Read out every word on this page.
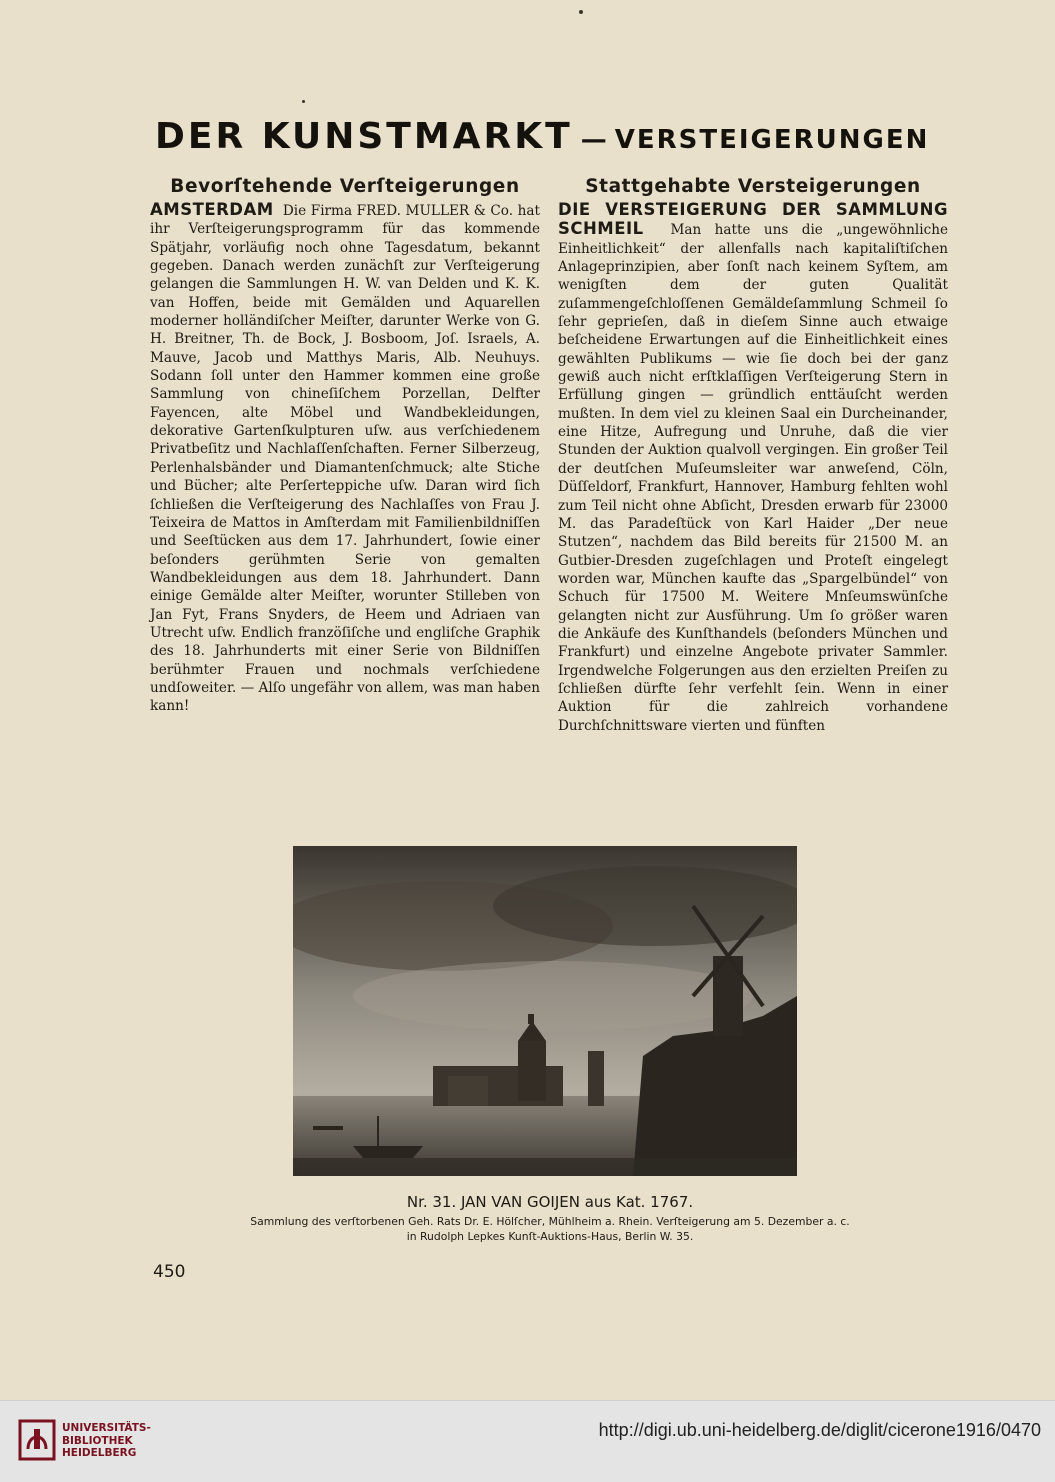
DER KUNSTMARKT — VERSTEIGERUNGEN
Bevorſtehende Verſteigerungen

AMSTERDAM Die Firma FRED. MULLER & Co. hat ihr Verſteigerungsprogramm für das kommende Spätjahr, vorläufig noch ohne Tagesdatum, bekannt gegeben. Danach werden zunächſt zur Verſteigerung gelangen die Sammlungen H. W. van Delden und K. K. van Hoffen, beide mit Gemälden und Aquarellen moderner holländiſcher Meiſter, darunter Werke von G. H. Breitner, Th. de Bock, J. Bosboom, Joſ. Israels, A. Mauve, Jacob und Matthys Maris, Alb. Neuhuys. Sodann ſoll unter den Hammer kommen eine große Sammlung von chineſiſchem Porzellan, Delfter Fayencen, alte Möbel und Wandbekleidungen, dekorative Gartenſkulpturen uſw. aus verſchiedenem Privatbeſitz und Nachlaſſenſchaften. Ferner Silberzeug, Perlenhalsbänder und Diamantenſchmuck; alte Stiche und Bücher; alte Perſerteppiche uſw. Daran wird ſich ſchließen die Verſteigerung des Nachlaſſes von Frau J. Teixeira de Mattos in Amſterdam mit Familienbildniſſen und Seeſtücken aus dem 17. Jahrhundert, ſowie einer beſonders gerühmten Serie von gemalten Wandbekleidungen aus dem 18. Jahrhundert. Dann einige Gemälde alter Meiſter, worunter Stilleben von Jan Fyt, Frans Snyders, de Heem und Adriaen van Utrecht uſw. Endlich franzöſiſche und engliſche Graphik des 18. Jahrhunderts mit einer Serie von Bildniſſen berühmter Frauen und nochmals verſchiedene undſoweiter. — Alſo ungefähr von allem, was man haben kann!

Stattgehabte Versteigerungen

DIE VERSTEIGERUNG DER SAMMLUNG SCHMEIL Man hatte uns die „ungewöhnliche Einheitlichkeit“ der allenfalls nach kapitaliſtiſchen Anlageprinzipien, aber ſonſt nach keinem Syſtem, am wenigſten dem der guten Qualität zuſammengeſchloſſenen Gemäldeſammlung Schmeil ſo ſehr geprieſen, daß in dieſem Sinne auch etwaige beſcheidene Erwartungen auf die Einheitlichkeit eines gewählten Publikums — wie ſie doch bei der ganz gewiß auch nicht erſtklaſſigen Verſteigerung Stern in Erfüllung gingen — gründlich enttäuſcht werden mußten. In dem viel zu kleinen Saal ein Durcheinander, eine Hitze, Aufregung und Unruhe, daß die vier Stunden der Auktion qualvoll vergingen. Ein großer Teil der deutſchen Muſeumsleiter war anweſend, Cöln, Düſſeldorf, Frankfurt, Hannover, Hamburg fehlten wohl zum Teil nicht ohne Abſicht, Dresden erwarb für 23000 M. das Paradeſtück von Karl Haider „Der neue Stutzen“, nachdem das Bild bereits für 21500 M. an Gutbier-Dresden zugeſchlagen und Proteſt eingelegt worden war, München kaufte das „Spargelbündel“ von Schuch für 17500 M. Weitere Mnſeumswünſche gelangten nicht zur Ausführung. Um ſo größer waren die Ankäufe des Kunſthandels (beſonders München und Frankfurt) und einzelne Angebote privater Sammler. Irgendwelche Folgerungen aus den erzielten Preiſen zu ſchließen dürfte ſehr verfehlt ſein. Wenn in einer Auktion für die zahlreich vorhandene Durchſchnittsware vierten und fünften

Nr. 31. JAN VAN GOIJEN aus Kat. 1767.
Sammlung des verſtorbenen Geh. Rats Dr. E. Hölſcher, Mühlheim a. Rhein. Verſteigerung am 5. Dezember a. c.
in Rudolph Lepkes Kunſt-Auktions-Haus, Berlin W. 35.
450
UNIVERSITÄTS-
BIBLIOTHEK
HEIDELBERG
http://digi.ub.uni-heidelberg.de/diglit/cicerone1916/0470
